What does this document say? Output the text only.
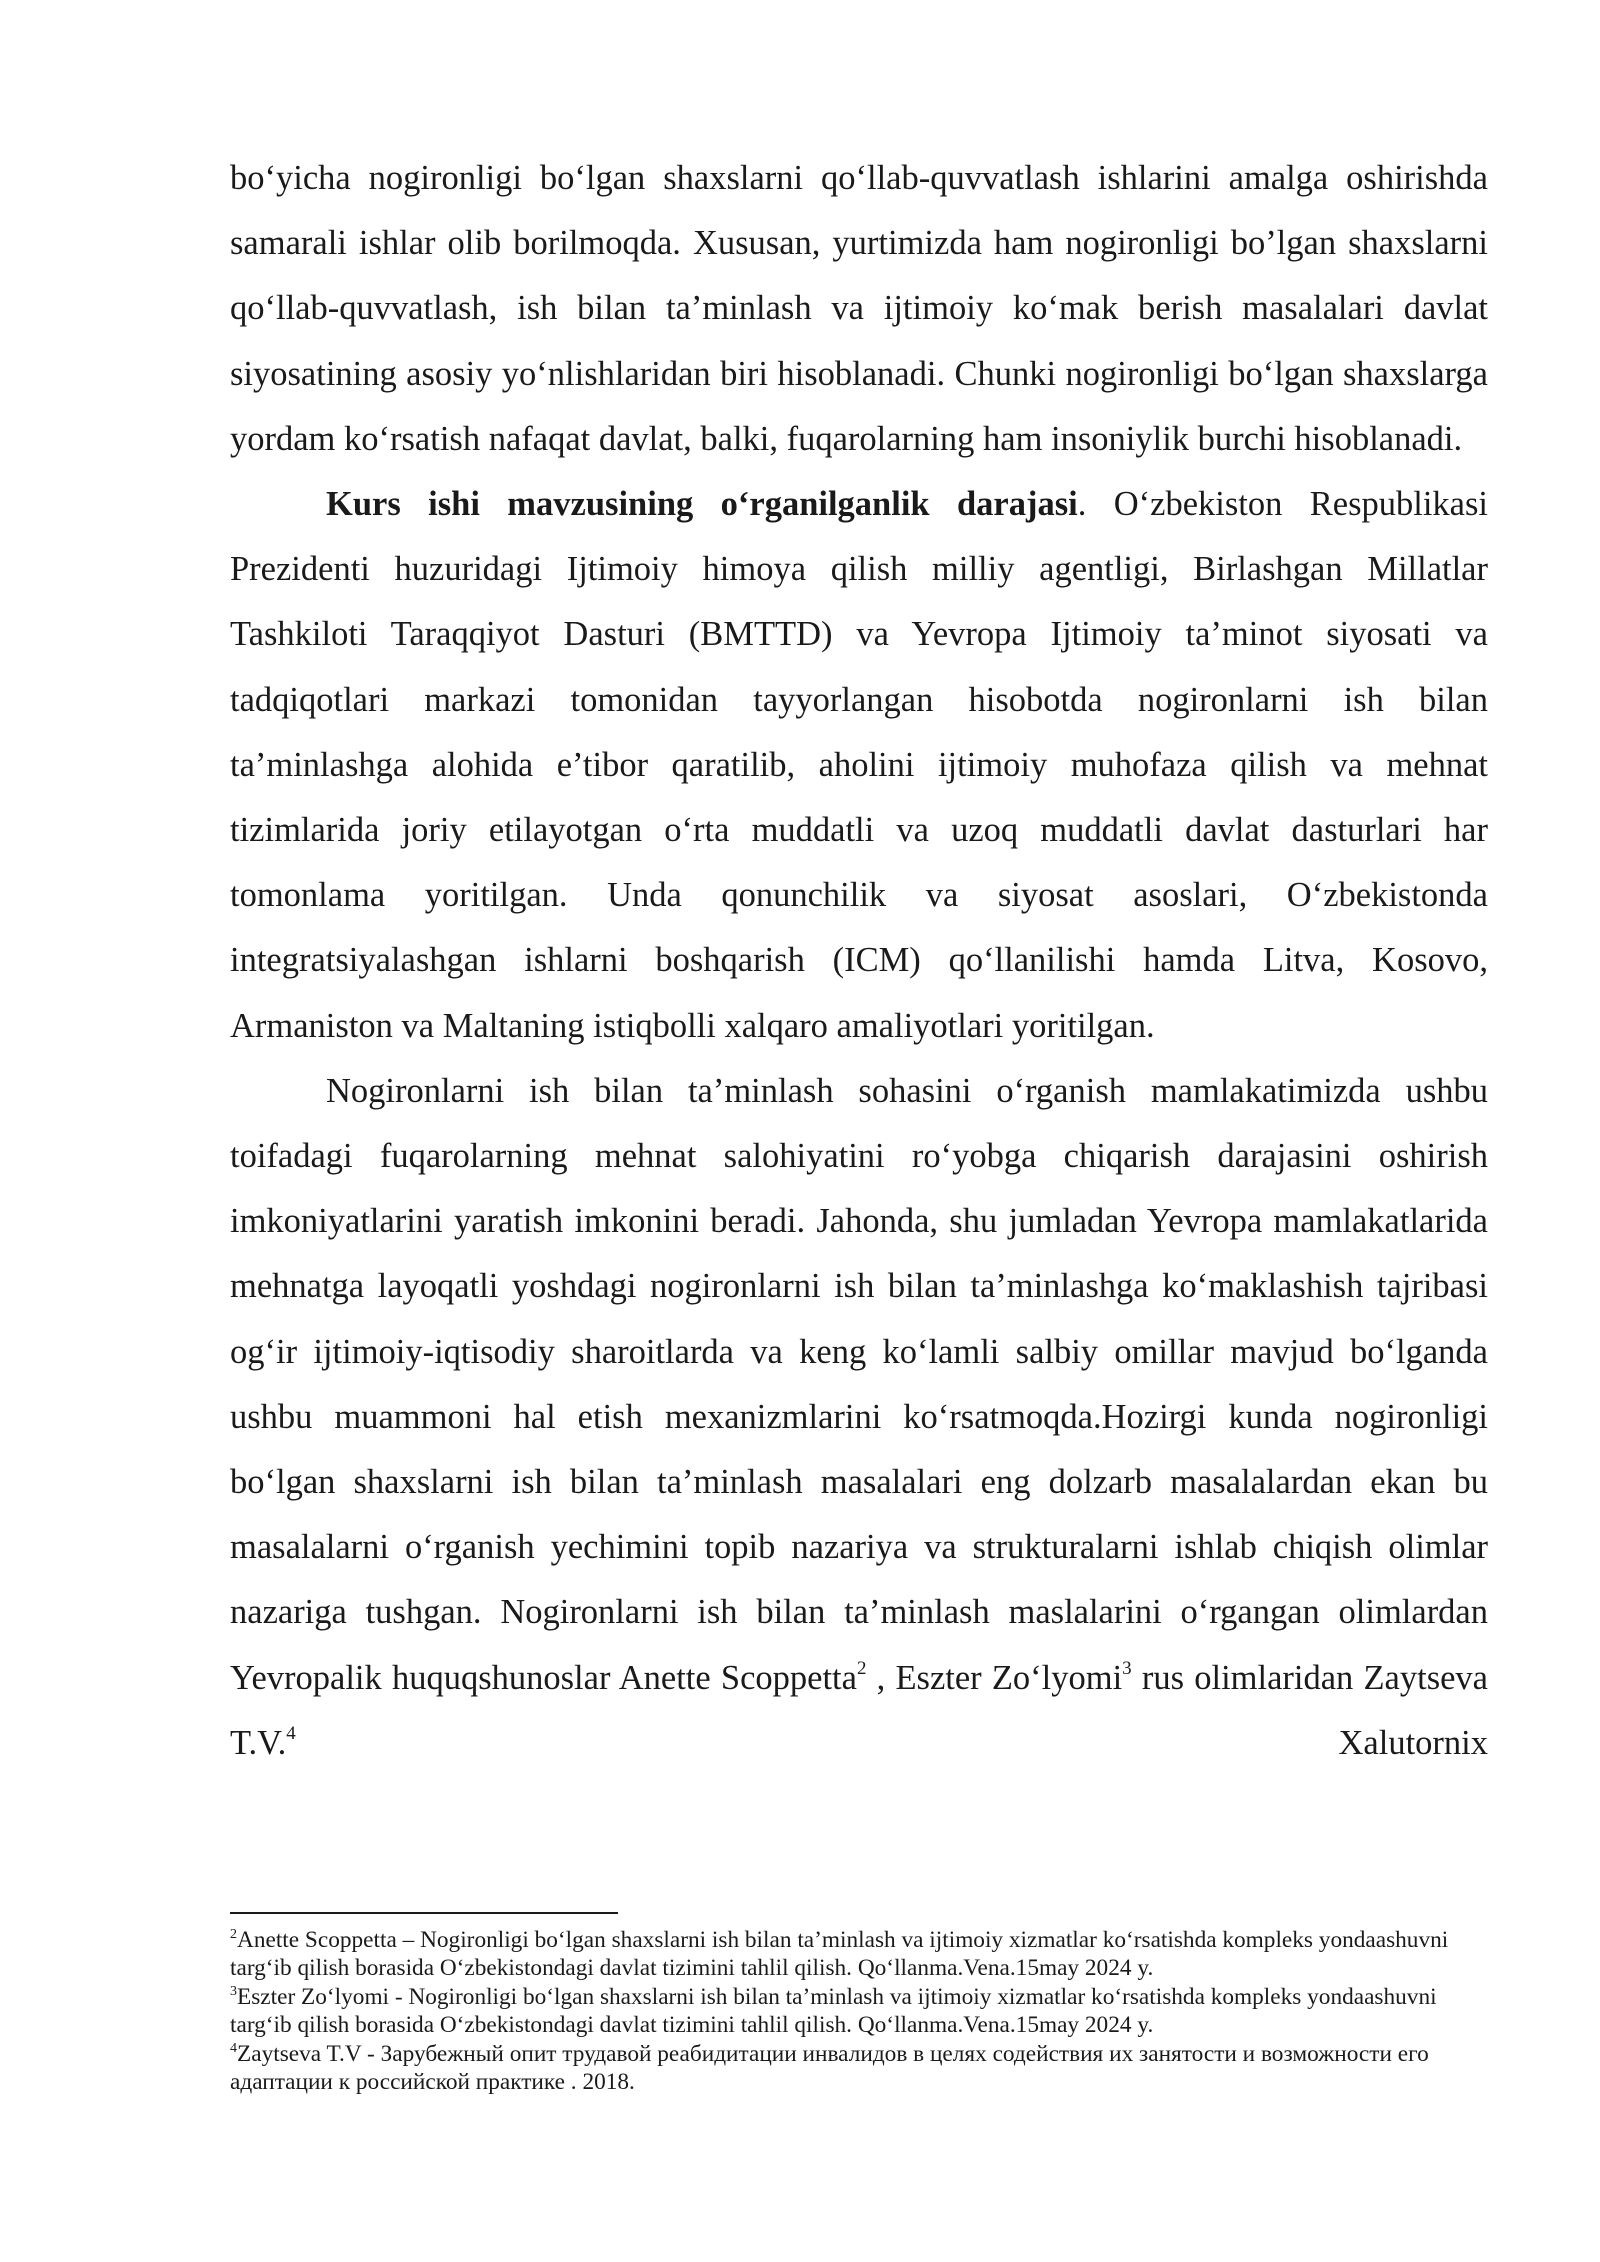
bo‘yicha nogironligi bo‘lgan shaxslarni qo‘llab-quvvatlash ishlarini amalga oshirishda samarali ishlar olib borilmoqda. Xususan, yurtimizda ham nogironligi bo’lgan shaxslarni qo‘llab-quvvatlash, ish bilan ta’minlash va ijtimoiy ko‘mak berish masalalari davlat siyosatining asosiy yo‘nlishlaridan biri hisoblanadi. Chunki nogironligi bo‘lgan shaxslarga yordam ko‘rsatish nafaqat davlat, balki, fuqarolarning ham insoniylik burchi hisoblanadi.

Kurs ishi mavzusining o‘rganilganlik darajasi. O‘zbekiston Respublikasi Prezidenti huzuridagi Ijtimoiy himoya qilish milliy agentligi, Birlashgan Millatlar Tashkiloti Taraqqiyot Dasturi (BMTTD) va Yevropa Ijtimoiy ta’minot siyosati va tadqiqotlari markazi tomonidan tayyorlangan hisobotda nogironlarni ish bilan ta’minlashga alohida e’tibor qaratilib, aholini ijtimoiy muhofaza qilish va mehnat tizimlarida joriy etilayotgan o‘rta muddatli va uzoq muddatli davlat dasturlari har tomonlama yoritilgan. Unda qonunchilik va siyosat asoslari, O‘zbekistonda integratsiyalashgan ishlarni boshqarish (ICM) qo‘llanilishi hamda Litva, Kosovo, Armaniston va Maltaning istiqbolli xalqaro amaliyotlari yoritilgan.

Nogironlarni ish bilan ta’minlash sohasini o‘rganish mamlakatimizda ushbu toifadagi fuqarolarning mehnat salohiyatini ro‘yobga chiqarish darajasini oshirish imkoniyatlarini yaratish imkonini beradi. Jahonda, shu jumladan Yevropa mamlakatlarida mehnatga layoqatli yoshdagi nogironlarni ish bilan ta’minlashga ko‘maklashish tajribasi og‘ir ijtimoiy-iqtisodiy sharoitlarda va keng ko‘lamli salbiy omillar mavjud bo‘lganda ushbu muammoni hal etish mexanizmlarini ko‘rsatmoqda.Hozirgi kunda nogironligi bo‘lgan shaxslarni ish bilan ta’minlash masalalari eng dolzarb masalalardan ekan bu masalalarni o‘rganish yechimini topib nazariya va strukturalarni ishlab chiqish olimlar nazariga tushgan. Nogironlarni ish bilan ta’minlash maslalarini o‘rgangan olimlardan Yevropalik huquqshunoslar Anette Scoppetta$^2$ , Eszter Zo‘lyomi$^3$ rus olimlaridan Zaytseva T.V.$^4$ Xalutornix

$^2$Anette Scoppetta – Nogironligi bo‘lgan shaxslarni ish bilan ta’minlash va ijtimoiy xizmatlar ko‘rsatishda kompleks yondaashuvni targ‘ib qilish borasida O‘zbekistondagi davlat tizimini tahlil qilish. Qo‘llanma.Vena.15may 2024 y.

$^3$Eszter Zo‘lyomi - Nogironligi bo‘lgan shaxslarni ish bilan ta’minlash va ijtimoiy xizmatlar ko‘rsatishda kompleks yondaashuvni targ‘ib qilish borasida O‘zbekistondagi davlat tizimini tahlil qilish. Qo‘llanma.Vena.15may 2024 y.

$^4$Zaytseva T.V - Зарубежный опит трудавой реабидитации инвалидов в целях содействия их занятости и возможности его адаптации к российской практике . 2018.
